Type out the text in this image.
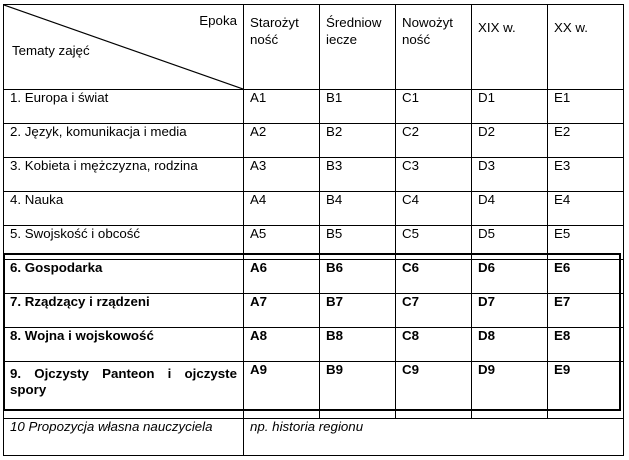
Epoka
Tematy zajęć	Starożyt ność	Średniow iecze	Nowożyt ność	XIX w.	XX w.
1. Europa i świat	A1	B1	C1	D1	E1
2. Język, komunikacja i media	A2	B2	C2	D2	E2
3. Kobieta i mężczyzna, rodzina	A3	B3	C3	D3	E3
4. Nauka	A4	B4	C4	D4	E4
5. Swojskość i obcość	A5	B5	C5	D5	E5
6. Gospodarka	A6	B6	C6	D6	E6
7. Rządzący i rządzeni	A7	B7	C7	D7	E7
8. Wojna i wojskowość	A8	B8	C8	D8	E8
9. Ojczysty Panteon i ojczyste spory	A9	B9	C9	D9	E9
10 Propozycja własna nauczyciela	np. historia regionu				
